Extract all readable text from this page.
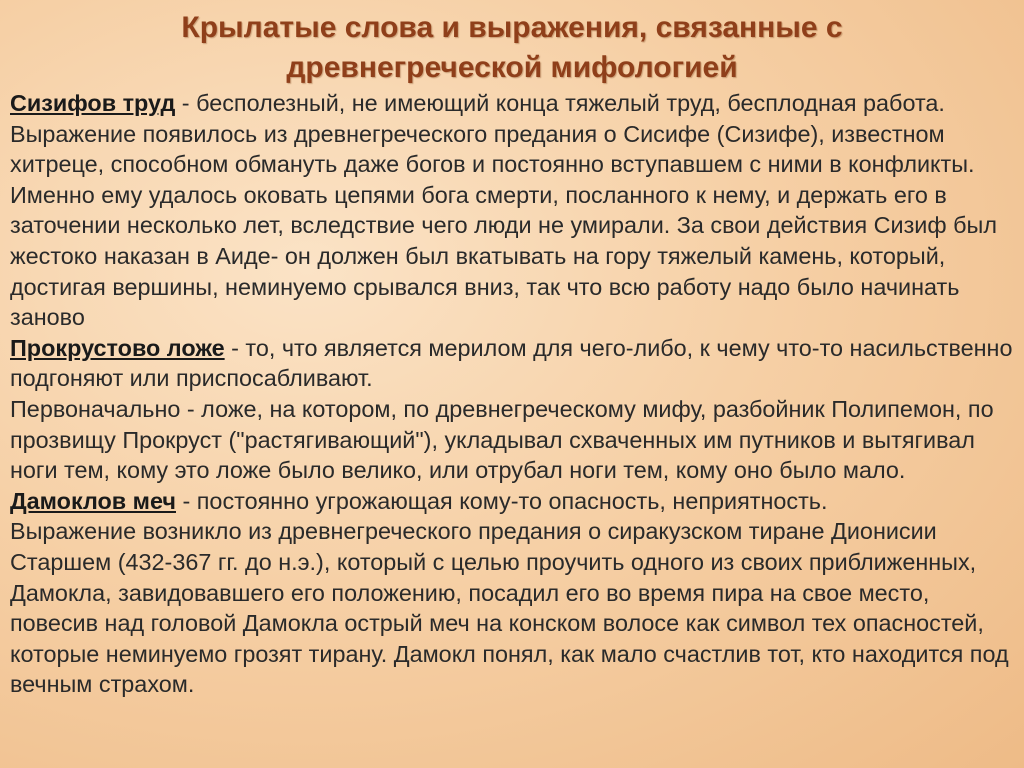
Крылатые слова и выражения, связанные с
древнегреческой мифологией

Сизифов труд - бесполезный, не имеющий конца тяжелый труд, бесплодная работа.

Выражение появилось из древнегреческого предания о Сисифе (Сизифе), известном хитреце, способном обмануть даже богов и постоянно вступавшем с ними в конфликты. Именно ему удалось оковать цепями бога смерти, посланного к нему, и держать его в заточении несколько лет, вследствие чего люди не умирали. За свои действия Сизиф был жестоко наказан в Аиде- он должен был вкатывать на гору тяжелый камень, который, достигая вершины, неминуемо срывался вниз, так что всю работу надо было начинать заново

Прокрустово ложе - то, что является мерилом для чего-либо, к чему что-то насильственно подгоняют или приспосабливают.

Первоначально - ложе, на котором, по древнегреческому мифу, разбойник Полипемон, по прозвищу Прокруст ("растягивающий"), укладывал схваченных им путников и вытягивал ноги тем, кому это ложе было велико, или отрубал ноги тем, кому оно было мало.

Дамоклов меч - постоянно угрожающая кому-то опасность, неприятность.

Выражение возникло из древнегреческого предания о сиракузском тиране Дионисии Старшем (432-367 гг. до н.э.), который с целью проучить одного из своих приближенных, Дамокла, завидовавшего его положению, посадил его во время пира на свое место, повесив над головой Дамокла острый меч на конском волосе как символ тех опасностей, которые неминуемо грозят тирану. Дамокл понял, как мало счастлив тот, кто находится под вечным страхом.
